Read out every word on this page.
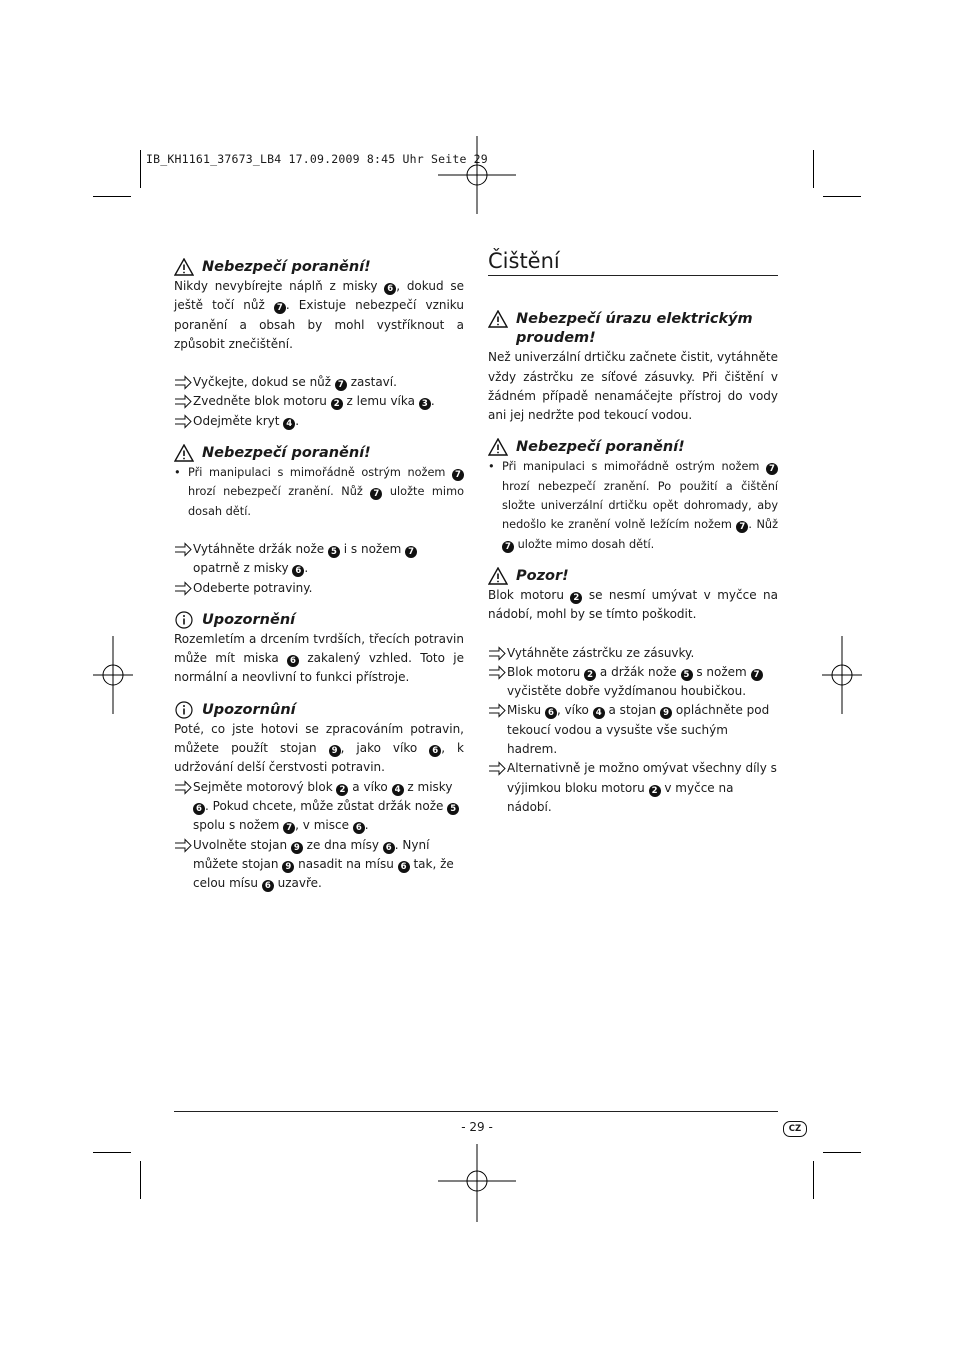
IB_KH1161_37673_LB4 17.09.2009 8:45 Uhr Seite 29
Nebezpečí poranění!

Nikdy nevybírejte náplň z misky 6 , dokud se ještě točí nůž 7 . Existuje nebezpečí vzniku poranění a obsah by mohl vystříknout a způsobit znečištění.

Vyčkejte, dokud se nůž 7 zastaví.
Zvedněte blok motoru 2 z lemu víka 3 .
Odejměte kryt 4 .
Nebezpečí poranění!
• Při manipulaci s mimořádně ostrým nožem 7 hrozí nebezpečí zranění. Nůž 7 uložte mimo dosah dětí.
Vytáhněte držák nože 5 i s nožem 7 opatrně z misky 6 .
Odeberte potraviny.
Upozornění

Rozemletím a drcením tvrdších, třecích potravin může mít miska 6 zakalený vzhled. Toto je normální a neovlivní to funkci přístroje.

Upozornûní

Poté, co jste hotovi se zpracováním potravin, můžete použít stojan 9 , jako víko 6 , k udržování delší čerstvosti potravin.

Sejměte motorový blok 2 a víko 4 z misky 6 . Pokud chcete, může zůstat držák nože 5 spolu s nožem 7 , v misce 6 .
Uvolněte stojan 9 ze dna mísy 6 . Nyní můžete stojan 9 nasadit na mísu 6 tak, že celou mísu 6 uzavře.
Čištění
Nebezpečí úrazu elektrickým proudem!

Než univerzální drtičku začnete čistit, vytáhněte vždy zástrčku ze síťové zásuvky. Při čištění v žádném případě nenamáčejte přístroj do vody ani jej nedržte pod tekoucí vodou.

Nebezpečí poranění!
• Při manipulaci s mimořádně ostrým nožem 7 hrozí nebezpečí zranění. Po použití a čištění složte univerzální drtičku opět dohromady, aby nedošlo ke zranění volně ležícím nožem 7 . Nůž 7 uložte mimo dosah dětí.
Pozor!

Blok motoru 2 se nesmí umývat v myčce na nádobí, mohl by se tímto poškodit.

Vytáhněte zástrčku ze zásuvky.
Blok motoru 2 a držák nože 5 s nožem 7 vyčistěte dobře vyždímanou houbičkou.
Misku 6 , víko 4 a stojan 9 opláchněte pod tekoucí vodou a vysušte vše suchým hadrem.
Alternativně je možno omývat všechny díly s výjimkou bloku motoru 2 v myčce na nádobí.
- 29 -	CZ
